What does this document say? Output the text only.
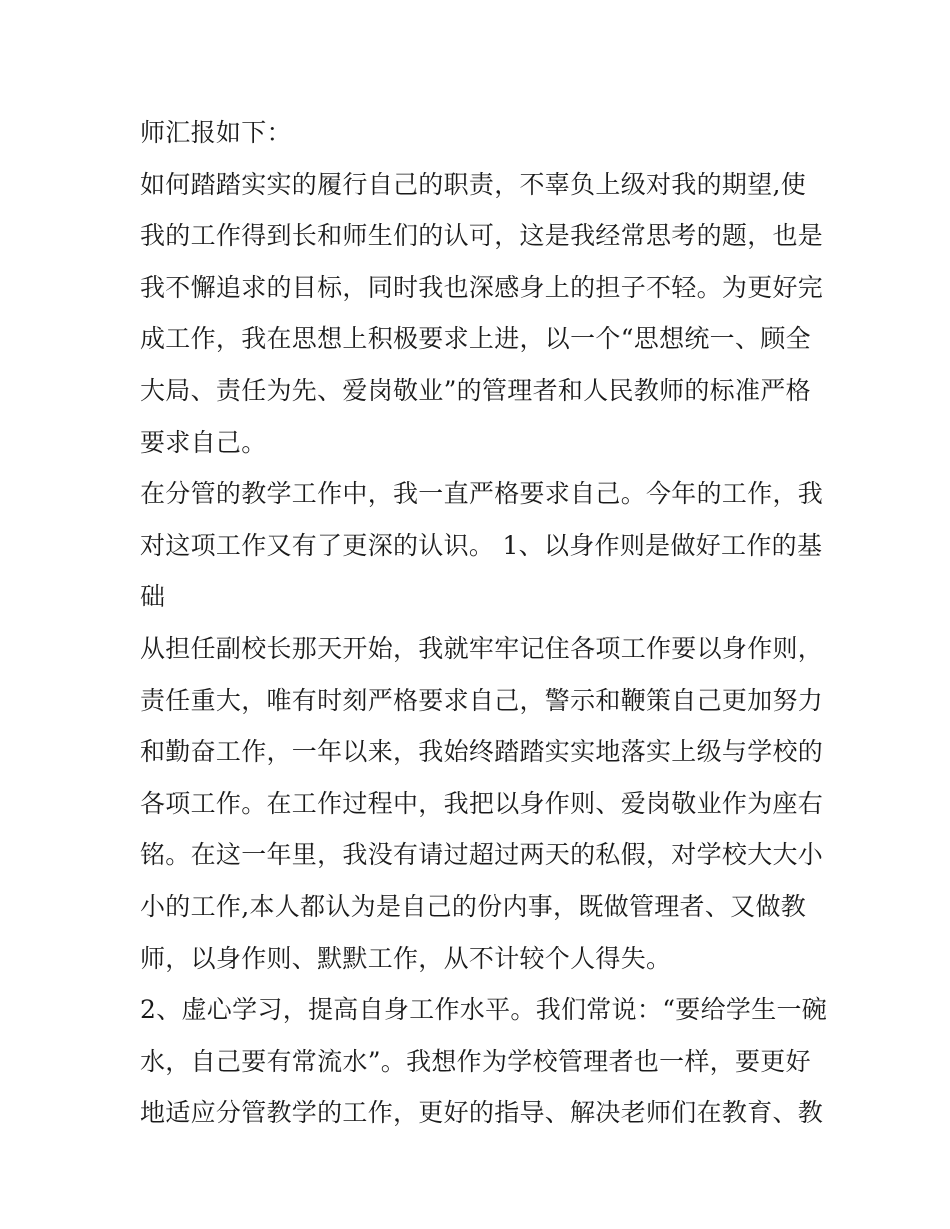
师汇报如下：
如何踏踏实实的履行自己的职责，不辜负上级对我的期望,使
我的工作得到长和师生们的认可，这是我经常思考的题，也是
我不懈追求的目标，同时我也深感身上的担子不轻。为更好完
成工作，我在思想上积极要求上进，以一个“思想统一、顾全
大局、责任为先、爱岗敬业”的管理者和人民教师的标准严格
要求自己。
在分管的教学工作中，我一直严格要求自己。今年的工作，我
对这项工作又有了更深的认识。 1、以身作则是做好工作的基
础
从担任副校长那天开始，我就牢牢记住各项工作要以身作则，
责任重大，唯有时刻严格要求自己，警示和鞭策自己更加努力
和勤奋工作，一年以来，我始终踏踏实实地落实上级与学校的
各项工作。在工作过程中，我把以身作则、爱岗敬业作为座右
铭。在这一年里，我没有请过超过两天的私假，对学校大大小
小的工作,本人都认为是自己的份内事，既做管理者、又做教
师，以身作则、默默工作，从不计较个人得失。
2、虚心学习，提高自身工作水平。我们常说：“要给学生一碗
水，自己要有常流水”。我想作为学校管理者也一样，要更好
地适应分管教学的工作，更好的指导、解决老师们在教育、教
